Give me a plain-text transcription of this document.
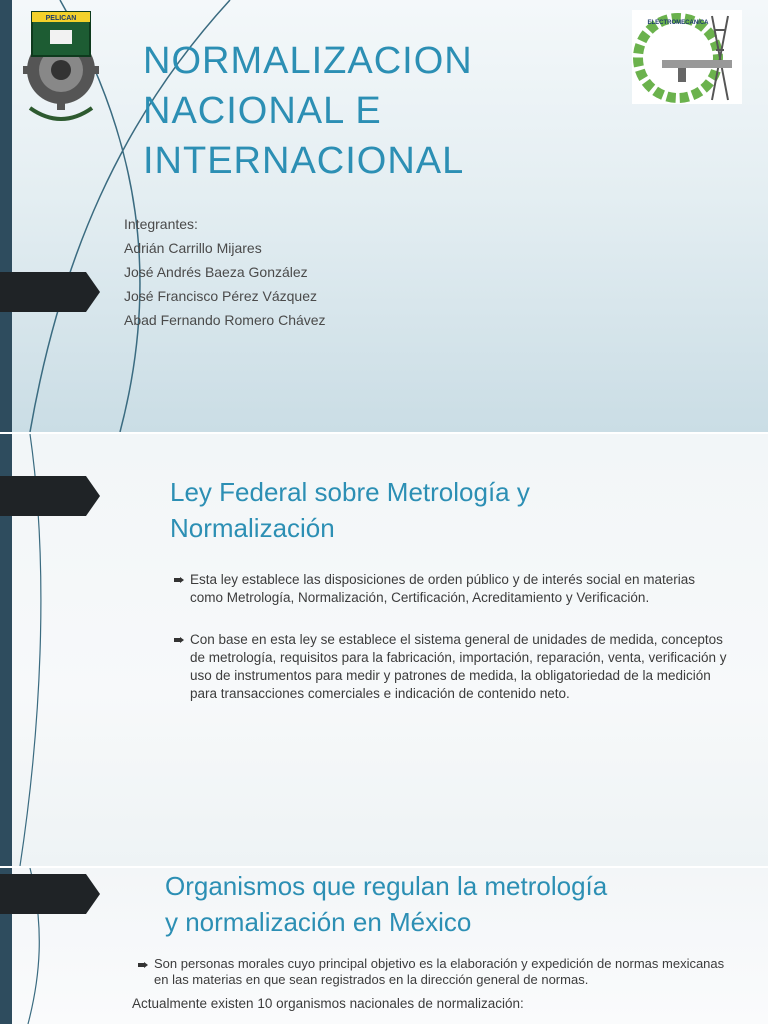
PELICAN
ELECTROMECANICA
NORMALIZACION
NACIONAL E
INTERNACIONAL
Integrantes:
Adrián Carrillo Mijares
José Andrés Baeza González
José Francisco Pérez Vázquez
Abad Fernando Romero Chávez
Ley Federal sobre Metrología y
Normalización
Esta ley establece las disposiciones de orden público y de interés social en materias como Metrología, Normalización, Certificación, Acreditamiento y Verificación.
Con base en esta ley se establece el sistema general de unidades de medida, conceptos de metrología, requisitos para la fabricación, importación, reparación, venta, verificación y uso de instrumentos para medir y patrones de medida, la obligatoriedad de la medición para transacciones comerciales e indicación de contenido neto.
Organismos que regulan la metrología
y normalización en México
Son personas morales cuyo principal objetivo es la elaboración y expedición de normas mexicanas en las materias en que sean registrados en la dirección general de normas.
Actualmente existen 10 organismos nacionales de normalización:
